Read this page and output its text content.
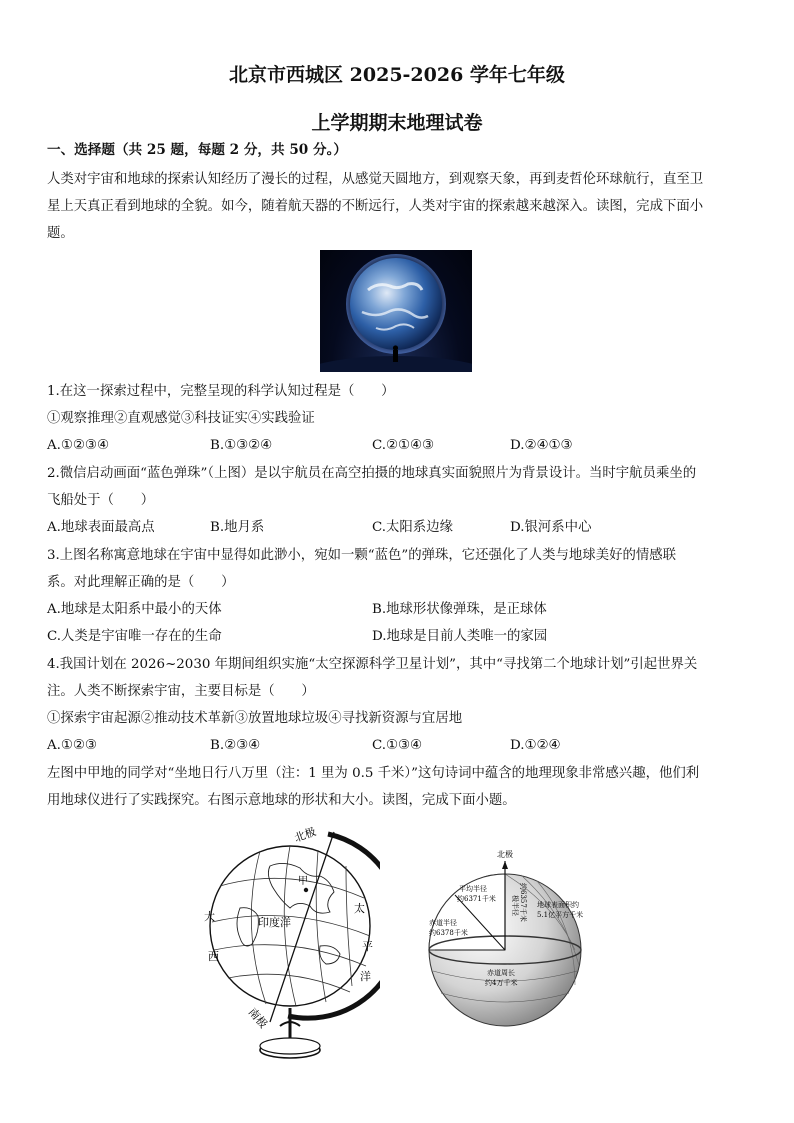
北京市西城区 2025-2026 学年七年级
上学期期末地理试卷
一、选择题（共 25 题，每题 2 分，共 50 分。）
人类对宇宙和地球的探索认知经历了漫长的过程，从感觉天圆地方，到观察天象，再到麦哲伦环球航行，直至卫
星上天真正看到地球的全貌。如今，随着航天器的不断远行，人类对宇宙的探索越来越深入。读图，完成下面小
题。
1.在这一探索过程中，完整呈现的科学认知过程是（　　）
①观察推理②直观感觉③科技证实④实践验证
A.①②③④	B.①③②④	C.②①④③	D.②④①③
2.微信启动画面“蓝色弹珠”（上图）是以宇航员在高空拍摄的地球真实面貌照片为背景设计。当时宇航员乘坐的
飞船处于（　　）
A.地球表面最高点	B.地月系	C.太阳系边缘	D.银河系中心
3.上图名称寓意地球在宇宙中显得如此渺小，宛如一颗“蓝色”的弹珠，它还强化了人类与地球美好的情感联
系。对此理解正确的是（　　）
A.地球是太阳系中最小的天体	B.地球形状像弹珠，是正球体
C.人类是宇宙唯一存在的生命	D.地球是目前人类唯一的家园
4.我国计划在 2026~2030 年期间组织实施“太空探源科学卫星计划”，其中“寻找第二个地球计划”引起世界关
注。人类不断探索宇宙，主要目标是（　　）
①探索宇宙起源②推动技术革新③放置地球垃圾④寻找新资源与宜居地
A.①②③	B.②③④	C.①③④	D.①②④
左图中甲地的同学对“坐地日行八万里（注：1 里为 0.5 千米）”这句诗词中蕴含的地理现象非常感兴趣，他们利
用地球仪进行了实践探究。右图示意地球的形状和大小。读图，完成下面小题。
甲
北极
南极
大
西
印度洋
太
平
洋
北极
平均半径
约6371千米
赤道半径
约6378千米
极半径 约6357千米 地球表面积约
5.1亿平方千米
赤道周长
约4万千米
